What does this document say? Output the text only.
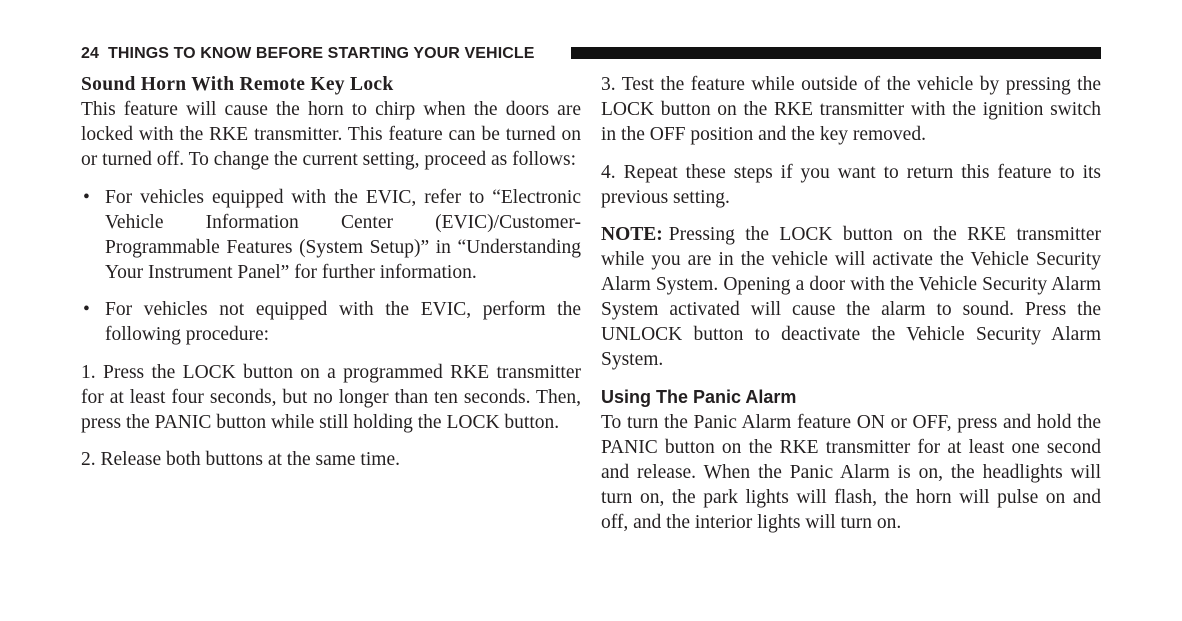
24 THINGS TO KNOW BEFORE STARTING YOUR VEHICLE
Sound Horn With Remote Key Lock

This feature will cause the horn to chirp when the doors are locked with the RKE transmitter. This feature can be turned on or turned off. To change the current setting, proceed as follows:

• For vehicles equipped with the EVIC, refer to “Electronic Vehicle Information Center (EVIC)/Customer-Programmable Features (System Setup)” in “Understanding Your Instrument Panel” for further information.
• For vehicles not equipped with the EVIC, perform the following procedure:

1. Press the LOCK button on a programmed RKE transmitter for at least four seconds, but no longer than ten seconds. Then, press the PANIC button while still holding the LOCK button.

2. Release both buttons at the same time.

3. Test the feature while outside of the vehicle by pressing the LOCK button on the RKE transmitter with the ignition switch in the OFF position and the key removed.

4. Repeat these steps if you want to return this feature to its previous setting.

NOTE: Pressing the LOCK button on the RKE transmitter while you are in the vehicle will activate the Vehicle Security Alarm System. Opening a door with the Vehicle Security Alarm System activated will cause the alarm to sound. Press the UNLOCK button to deactivate the Vehicle Security Alarm System.

Using The Panic Alarm

To turn the Panic Alarm feature ON or OFF, press and hold the PANIC button on the RKE transmitter for at least one second and release. When the Panic Alarm is on, the headlights will turn on, the park lights will flash, the horn will pulse on and off, and the interior lights will turn on.
